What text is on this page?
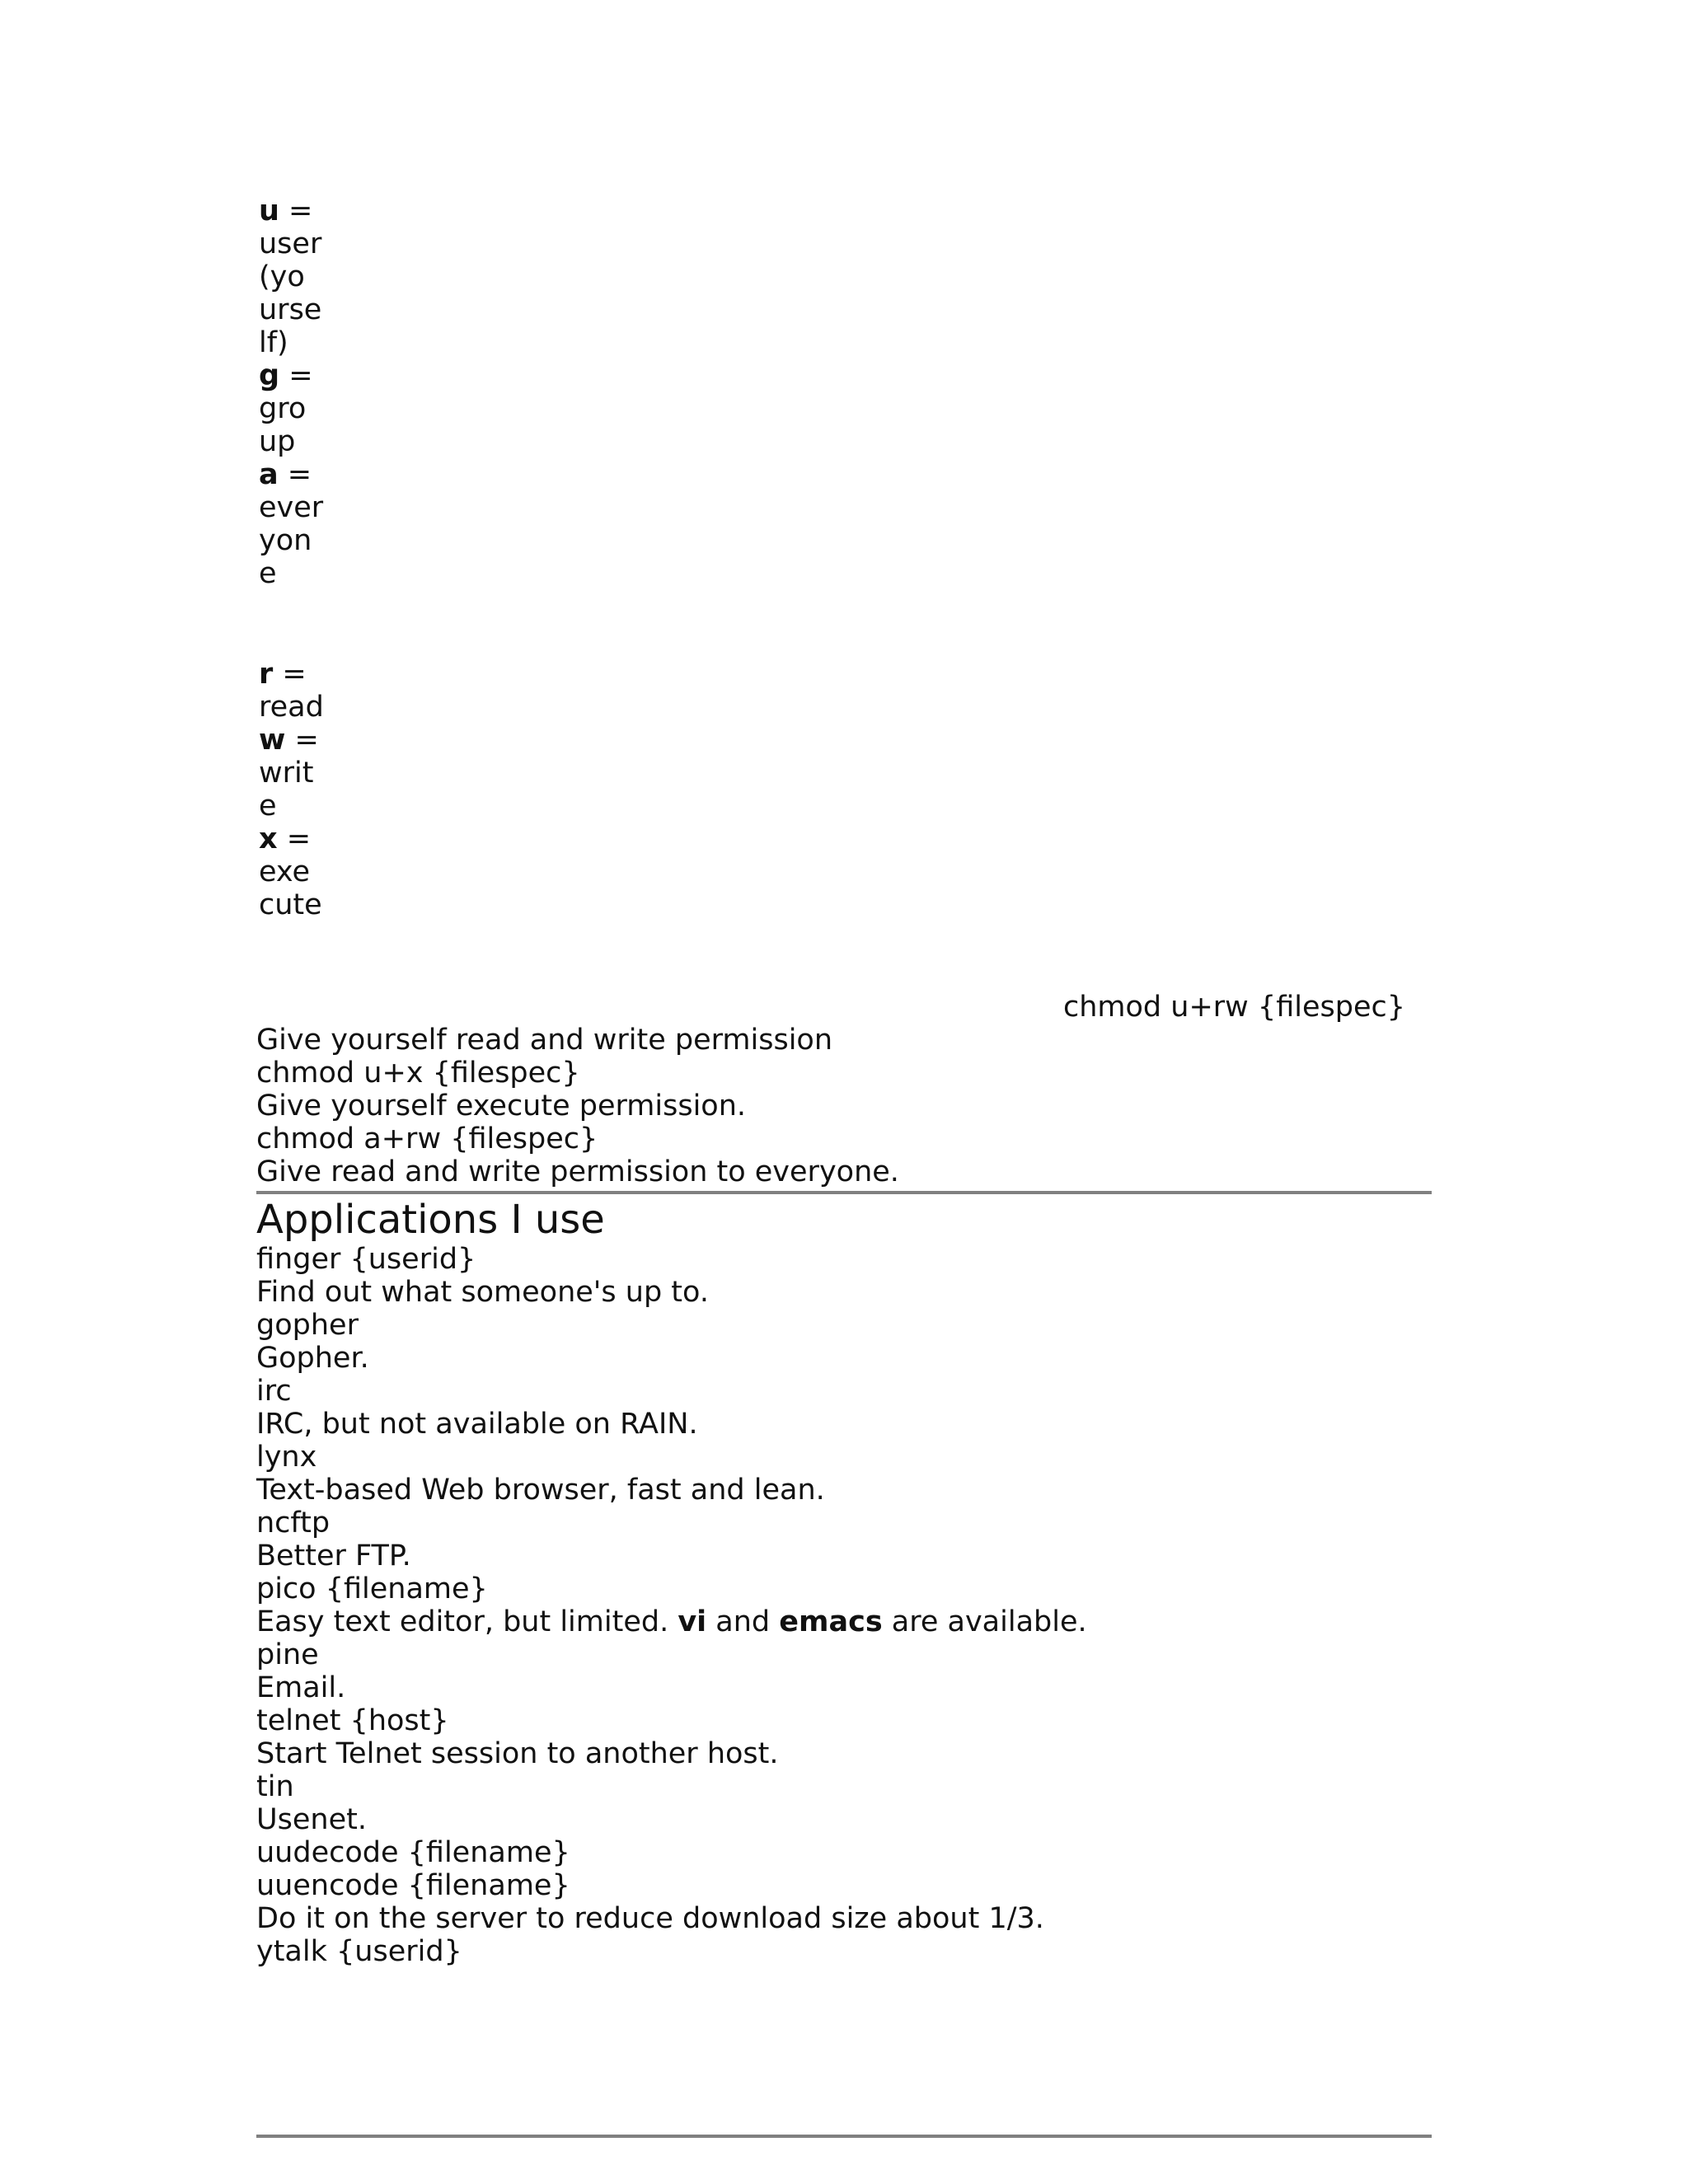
u =
user
(yo
urse
lf)
g =
gro
up
a =
ever
yon
e
r =
read
w =
writ
e
x =
exe
cute
chmod u+rw {filespec}
Give yourself read and write permission
chmod u+x {filespec}
Give yourself execute permission.
chmod a+rw {filespec}
Give read and write permission to everyone.
Applications I use
finger {userid}
Find out what someone's up to.
gopher
Gopher.
irc
IRC, but not available on RAIN.
lynx
Text-based Web browser, fast and lean.
ncftp
Better FTP.
pico {filename}
Easy text editor, but limited. vi and emacs are available.
pine
Email.
telnet {host}
Start Telnet session to another host.
tin
Usenet.
uudecode {filename}
uuencode {filename}
Do it on the server to reduce download size about 1/3.
ytalk {userid}
